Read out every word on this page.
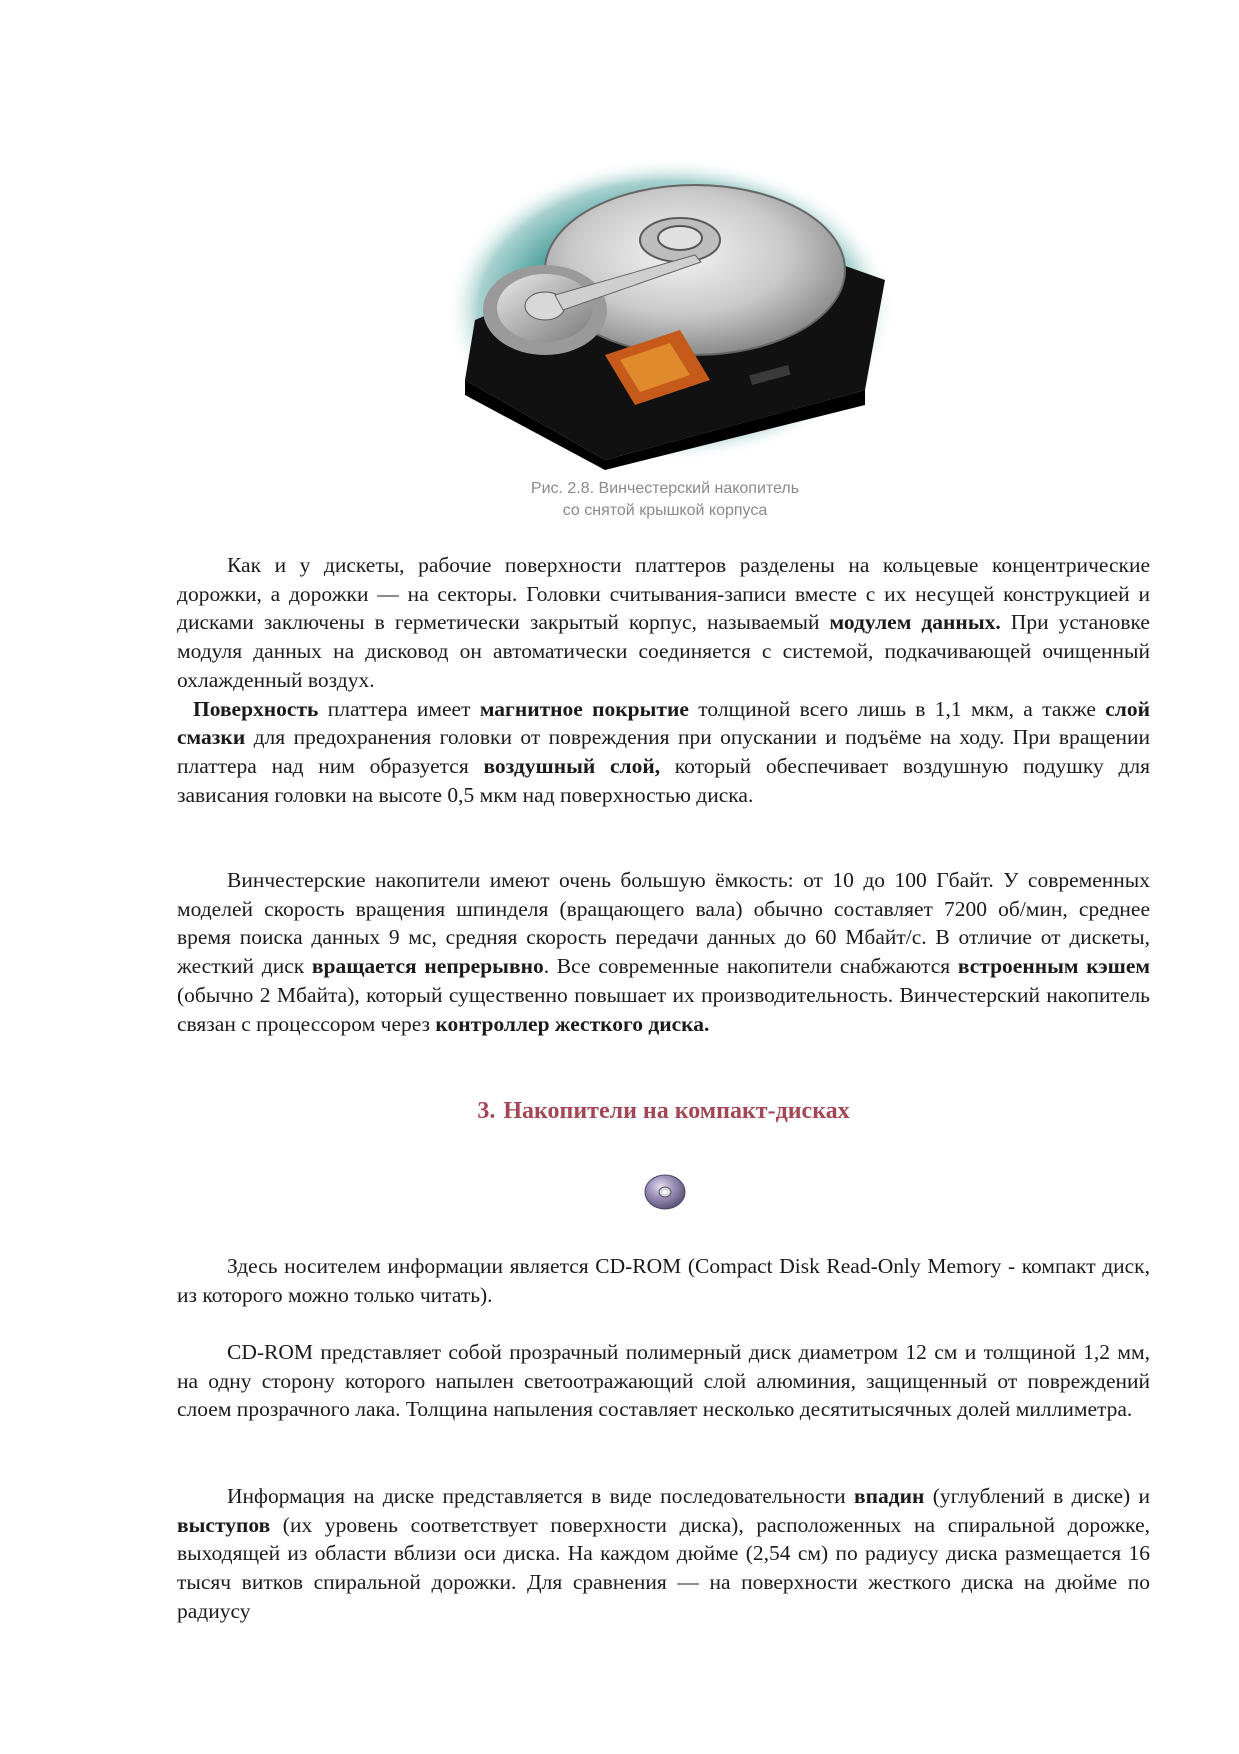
Рис. 2.8. Винчестерский накопитель
со снятой крышкой корпуса

Как и у дискеты, рабочие поверхности платтеров разделены на кольцевые концентрические дорожки, а дорожки — на секторы. Головки считывания-записи вместе с их несущей конструкцией и дисками заключены в герметически закрытый корпус, называемый модулем данных. При установке модуля данных на дисковод он автоматически соединяется с системой, подкачивающей очищенный охлажденный воздух.

Поверхность платтера имеет магнитное покрытие толщиной всего лишь в 1,1 мкм, а также слой смазки для предохранения головки от повреждения при опускании и подъёме на ходу. При вращении платтера над ним образуется воздушный слой, который обеспечивает воздушную подушку для зависания головки на высоте 0,5 мкм над поверхностью диска.

Винчестерские накопители имеют очень большую ёмкость: от 10 до 100 Гбайт. У современных моделей скорость вращения шпинделя (вращающего вала) обычно составляет 7200 об/мин, среднее время поиска данных 9 мс, средняя скорость передачи данных до 60 Мбайт/с. В отличие от дискеты, жесткий диск вращается непрерывно. Все современные накопители снабжаются встроенным кэшем (обычно 2 Мбайта), который существенно повышает их производительность. Винчестерский накопитель связан с процессором через контроллер жесткого диска.

3. Накопители на компакт-дисках

Здесь носителем информации является CD-ROM (Compact Disk Read-Only Memory - компакт диск, из которого можно только читать).

CD-ROM представляет собой прозрачный полимерный диск диаметром 12 см и толщиной 1,2 мм, на одну сторону которого напылен светоотражающий слой алюминия, защищенный от повреждений слоем прозрачного лака. Толщина напыления составляет несколько десятитысячных долей миллиметра.

Информация на диске представляется в виде последовательности впадин (углублений в диске) и выступов (их уровень соответствует поверхности диска), расположенных на спиральной дорожке, выходящей из области вблизи оси диска. На каждом дюйме (2,54 см) по радиусу диска размещается 16 тысяч витков спиральной дорожки. Для сравнения — на поверхности жесткого диска на дюйме по радиусу
